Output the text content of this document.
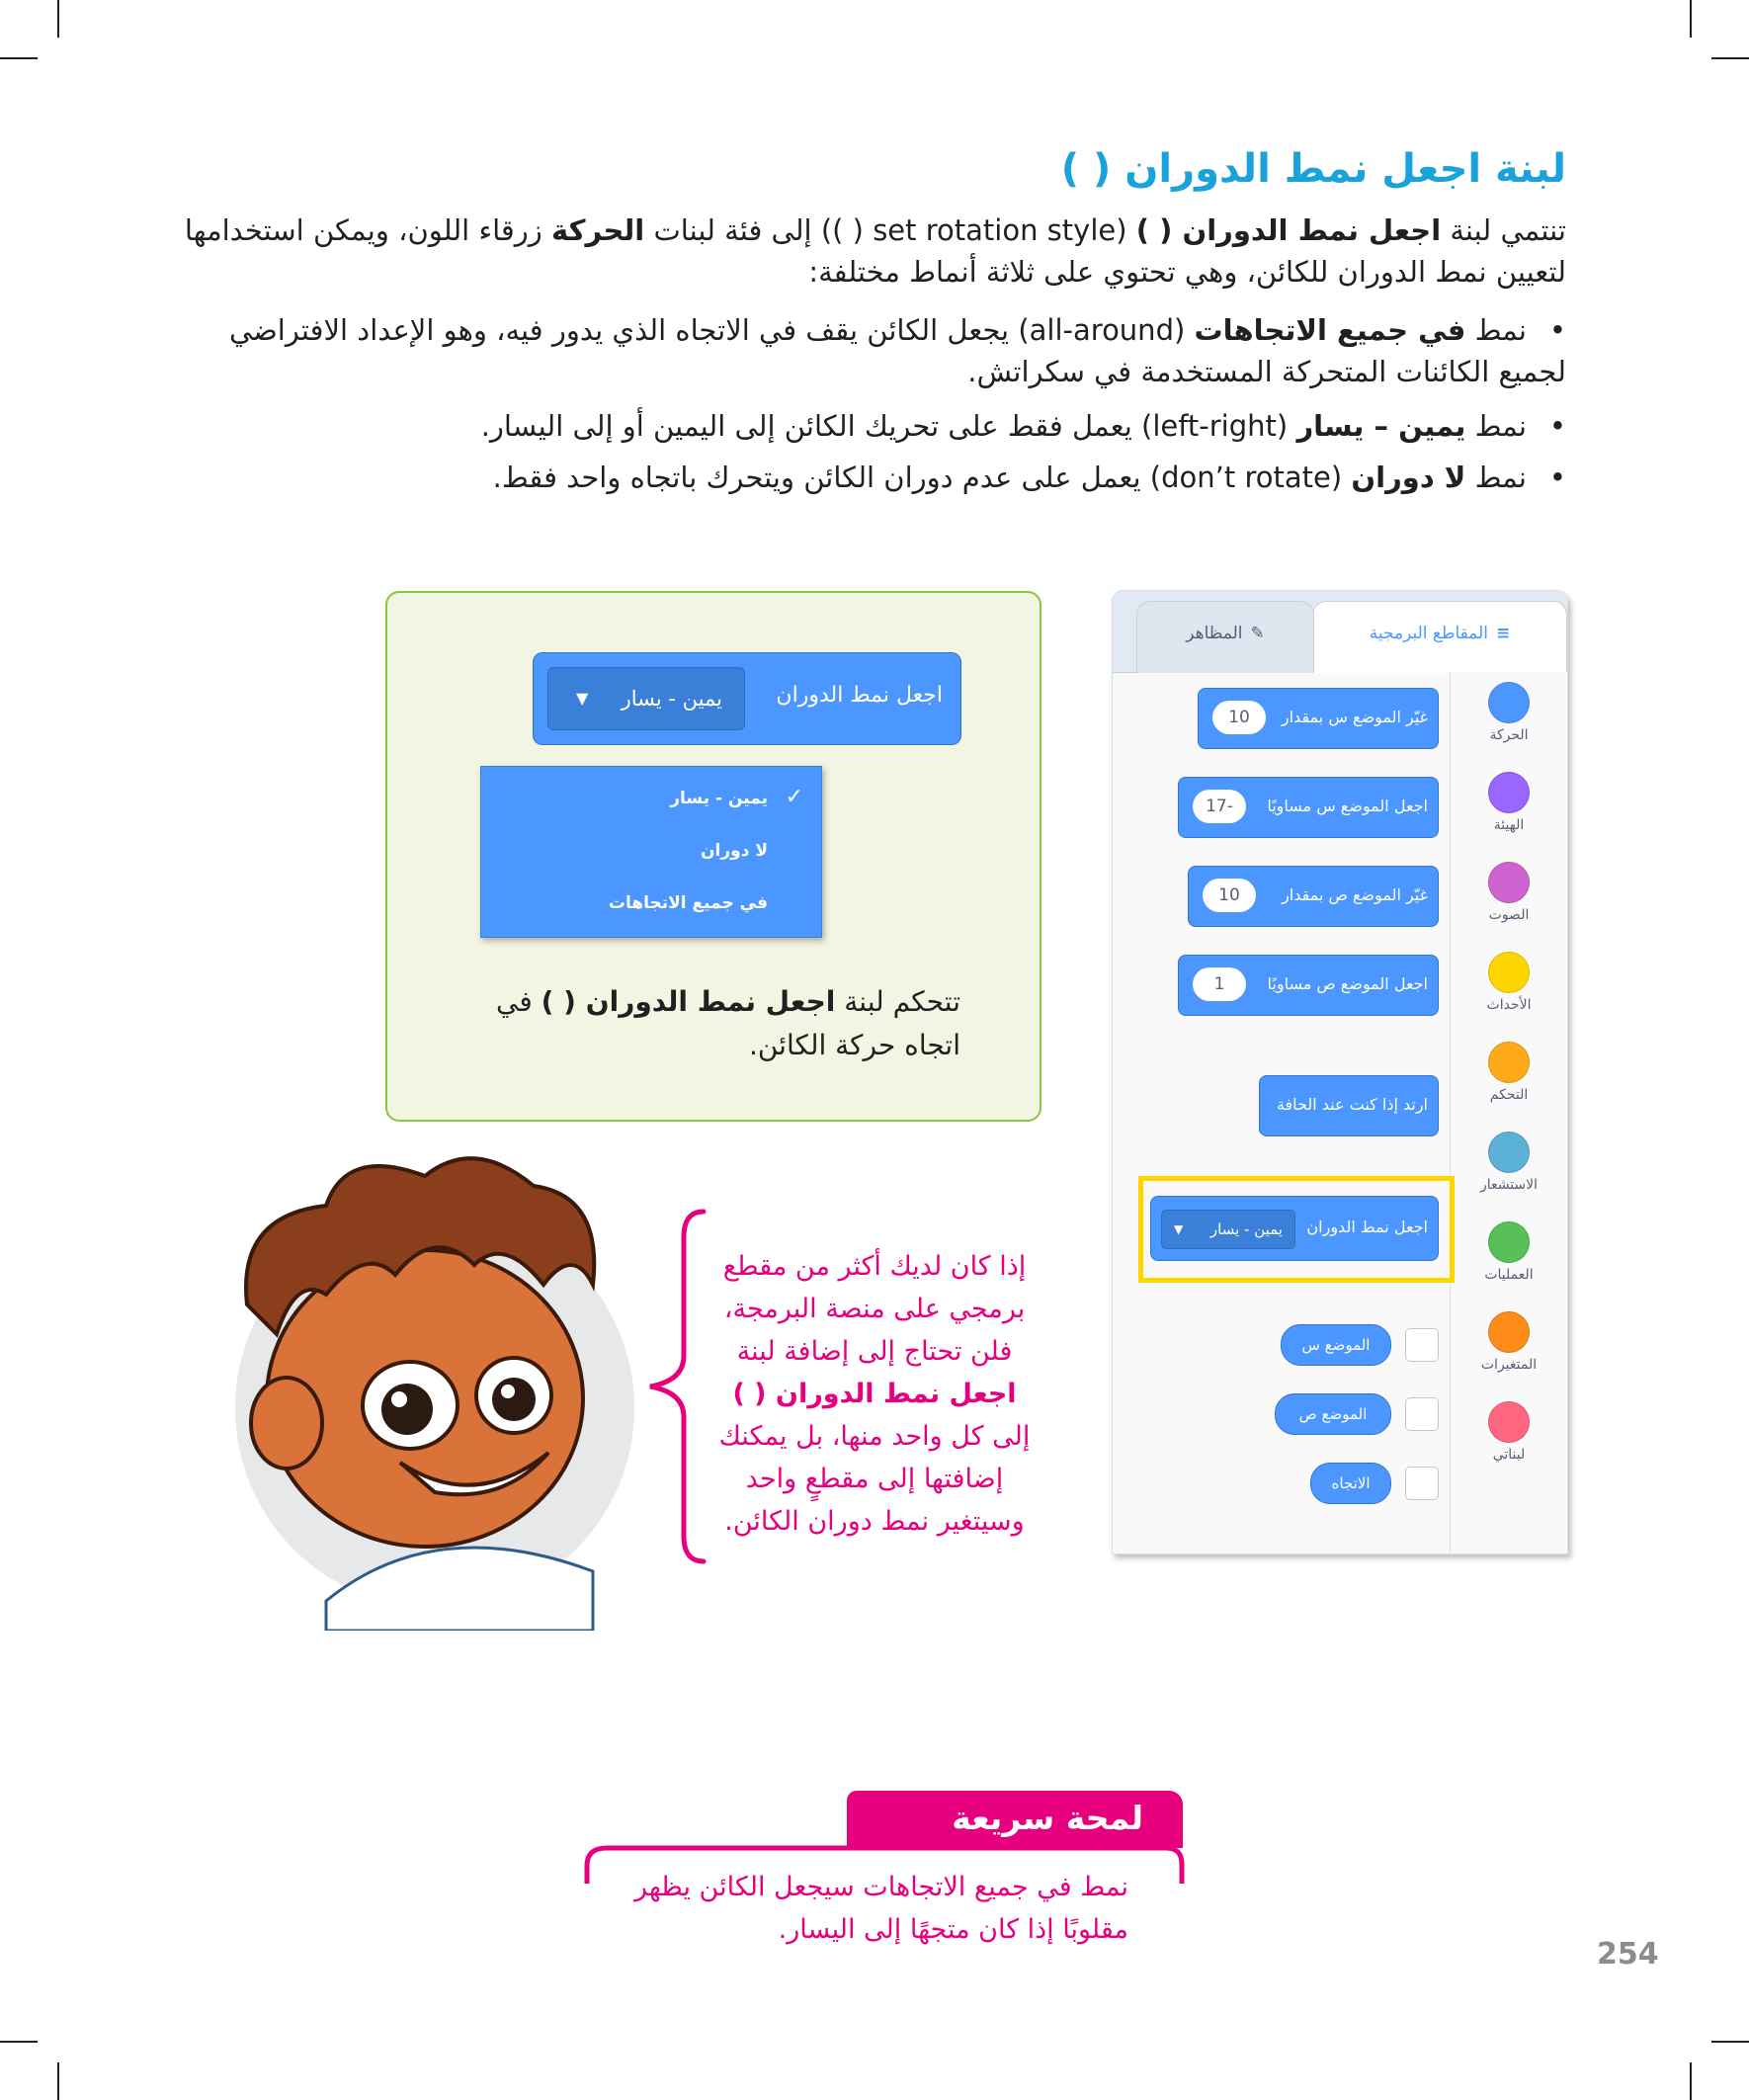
لبنة اجعل نمط الدوران ( )
تنتمي لبنة اجعل نمط الدوران ( ) (set rotation style ( )) إلى فئة لبنات الحركة زرقاء اللون، ويمكن استخدامها لتعيين نمط الدوران للكائن، وهي تحتوي على ثلاثة أنماط مختلفة:
•نمط في جميع الاتجاهات (all-around) يجعل الكائن يقف في الاتجاه الذي يدور فيه، وهو الإعداد الافتراضي لجميع الكائنات المتحركة المستخدمة في سكراتش.
•نمط يمين – يسار (left-right) يعمل فقط على تحريك الكائن إلى اليمين أو إلى اليسار.
•نمط لا دوران (don’t rotate) يعمل على عدم دوران الكائن ويتحرك باتجاه واحد فقط.
اجعل نمط الدوران
يمين - يسار
▼
✓
يمين - يسار
لا دوران
في جميع الاتجاهات
تتحكم لبنة اجعل نمط الدوران ( ) في اتجاه حركة الكائن.
≡المقاطع البرمجية
✎المظاهر
الحركة
الهيئة
الصوت
الأحداث
التحكم
الاستشعار
العمليات
المتغيرات
لبناتي
غيّر الموضع س بمقدار
10
اجعل الموضع س مساويًا
-17
غيّر الموضع ص بمقدار
10
اجعل الموضع ص مساويًا
1
ارتد إذا كنت عند الحافة
اجعل نمط الدوران
يمين - يسار
▼
الموضع س
الموضع ص
الاتجاه
إذا كان لديك أكثر من مقطع برمجي على منصة البرمجة، فلن تحتاج إلى إضافة لبنة اجعل نمط الدوران ( ) إلى كل واحد منها، بل يمكنك إضافتها إلى مقطعٍ واحد وسيتغير نمط دوران الكائن.
لمحة سريعة
نمط في جميع الاتجاهات سيجعل الكائن يظهر مقلوبًا إذا كان متجهًا إلى اليسار.
254
